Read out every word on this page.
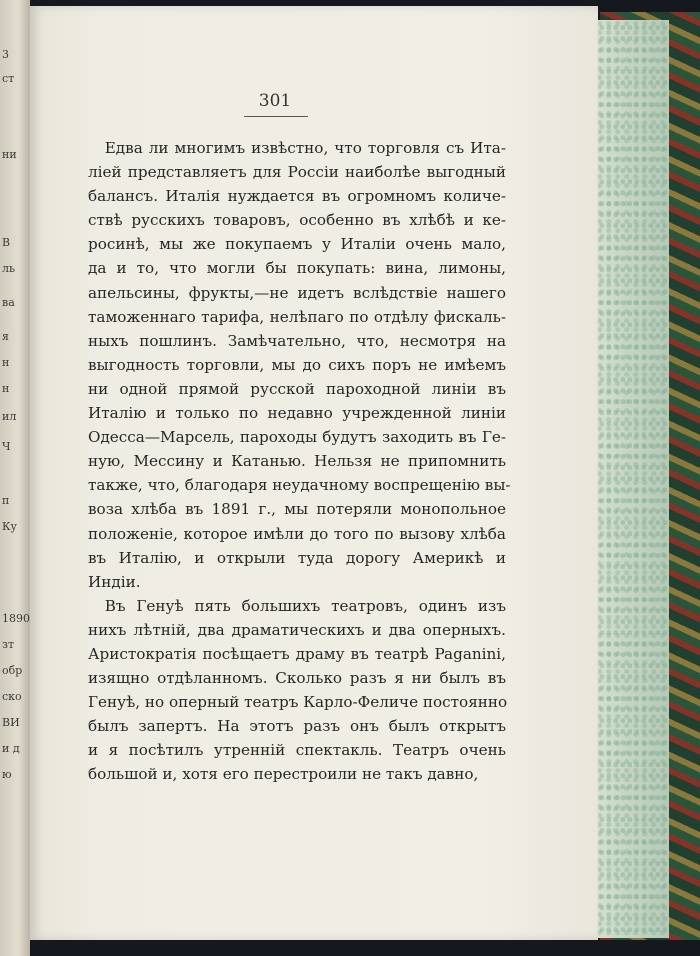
3
ст
ни
В
ль
ва
я
н
н
ил
Ч
п
Ку
1890
зт
обр
ско
ВИ
и д
ю
301
Едва ли многимъ извѣстно, что торговля съ Ита-
ліей представляетъ для Россіи наиболѣе выгодный
балансъ. Италія нуждается въ огромномъ количе-
ствѣ русскихъ товаровъ, особенно въ хлѣбѣ и ке-
росинѣ, мы же покупаемъ у Италіи очень мало,
да и то, что могли бы покупать: вина, лимоны,
апельсины, фрукты,—не идетъ вслѣдствіе нашего
таможеннаго тарифа, нелѣпаго по отдѣлу фискаль-
ныхъ пошлинъ. Замѣчательно, что, несмотря на
выгодность торговли, мы до сихъ поръ не имѣемъ
ни одной прямой русской пароходной линіи въ
Италію и только по недавно учрежденной линіи
Одесса—Марсель, пароходы будутъ заходить въ Ге-
ную, Мессину и Катанью. Нельзя не припомнить
также, что, благодаря неудачному воспрещенію вы-
воза хлѣба въ 1891 г., мы потеряли монопольное
положеніе, которое имѣли до того по вызову хлѣба
въ Италію, и открыли туда дорогу Америкѣ и
Индіи.
Въ Генуѣ пять большихъ театровъ, одинъ изъ
нихъ лѣтній, два драматическихъ и два оперныхъ.
Аристократія посѣщаетъ драму въ театрѣ Paganini,
изящно отдѣланномъ. Сколько разъ я ни былъ въ
Генуѣ, но оперный театръ Карло-Феличе постоянно
былъ запертъ. На этотъ разъ онъ былъ открытъ
и я посѣтилъ утренній спектакль. Театръ очень
большой и, хотя его перестроили не такъ давно,
